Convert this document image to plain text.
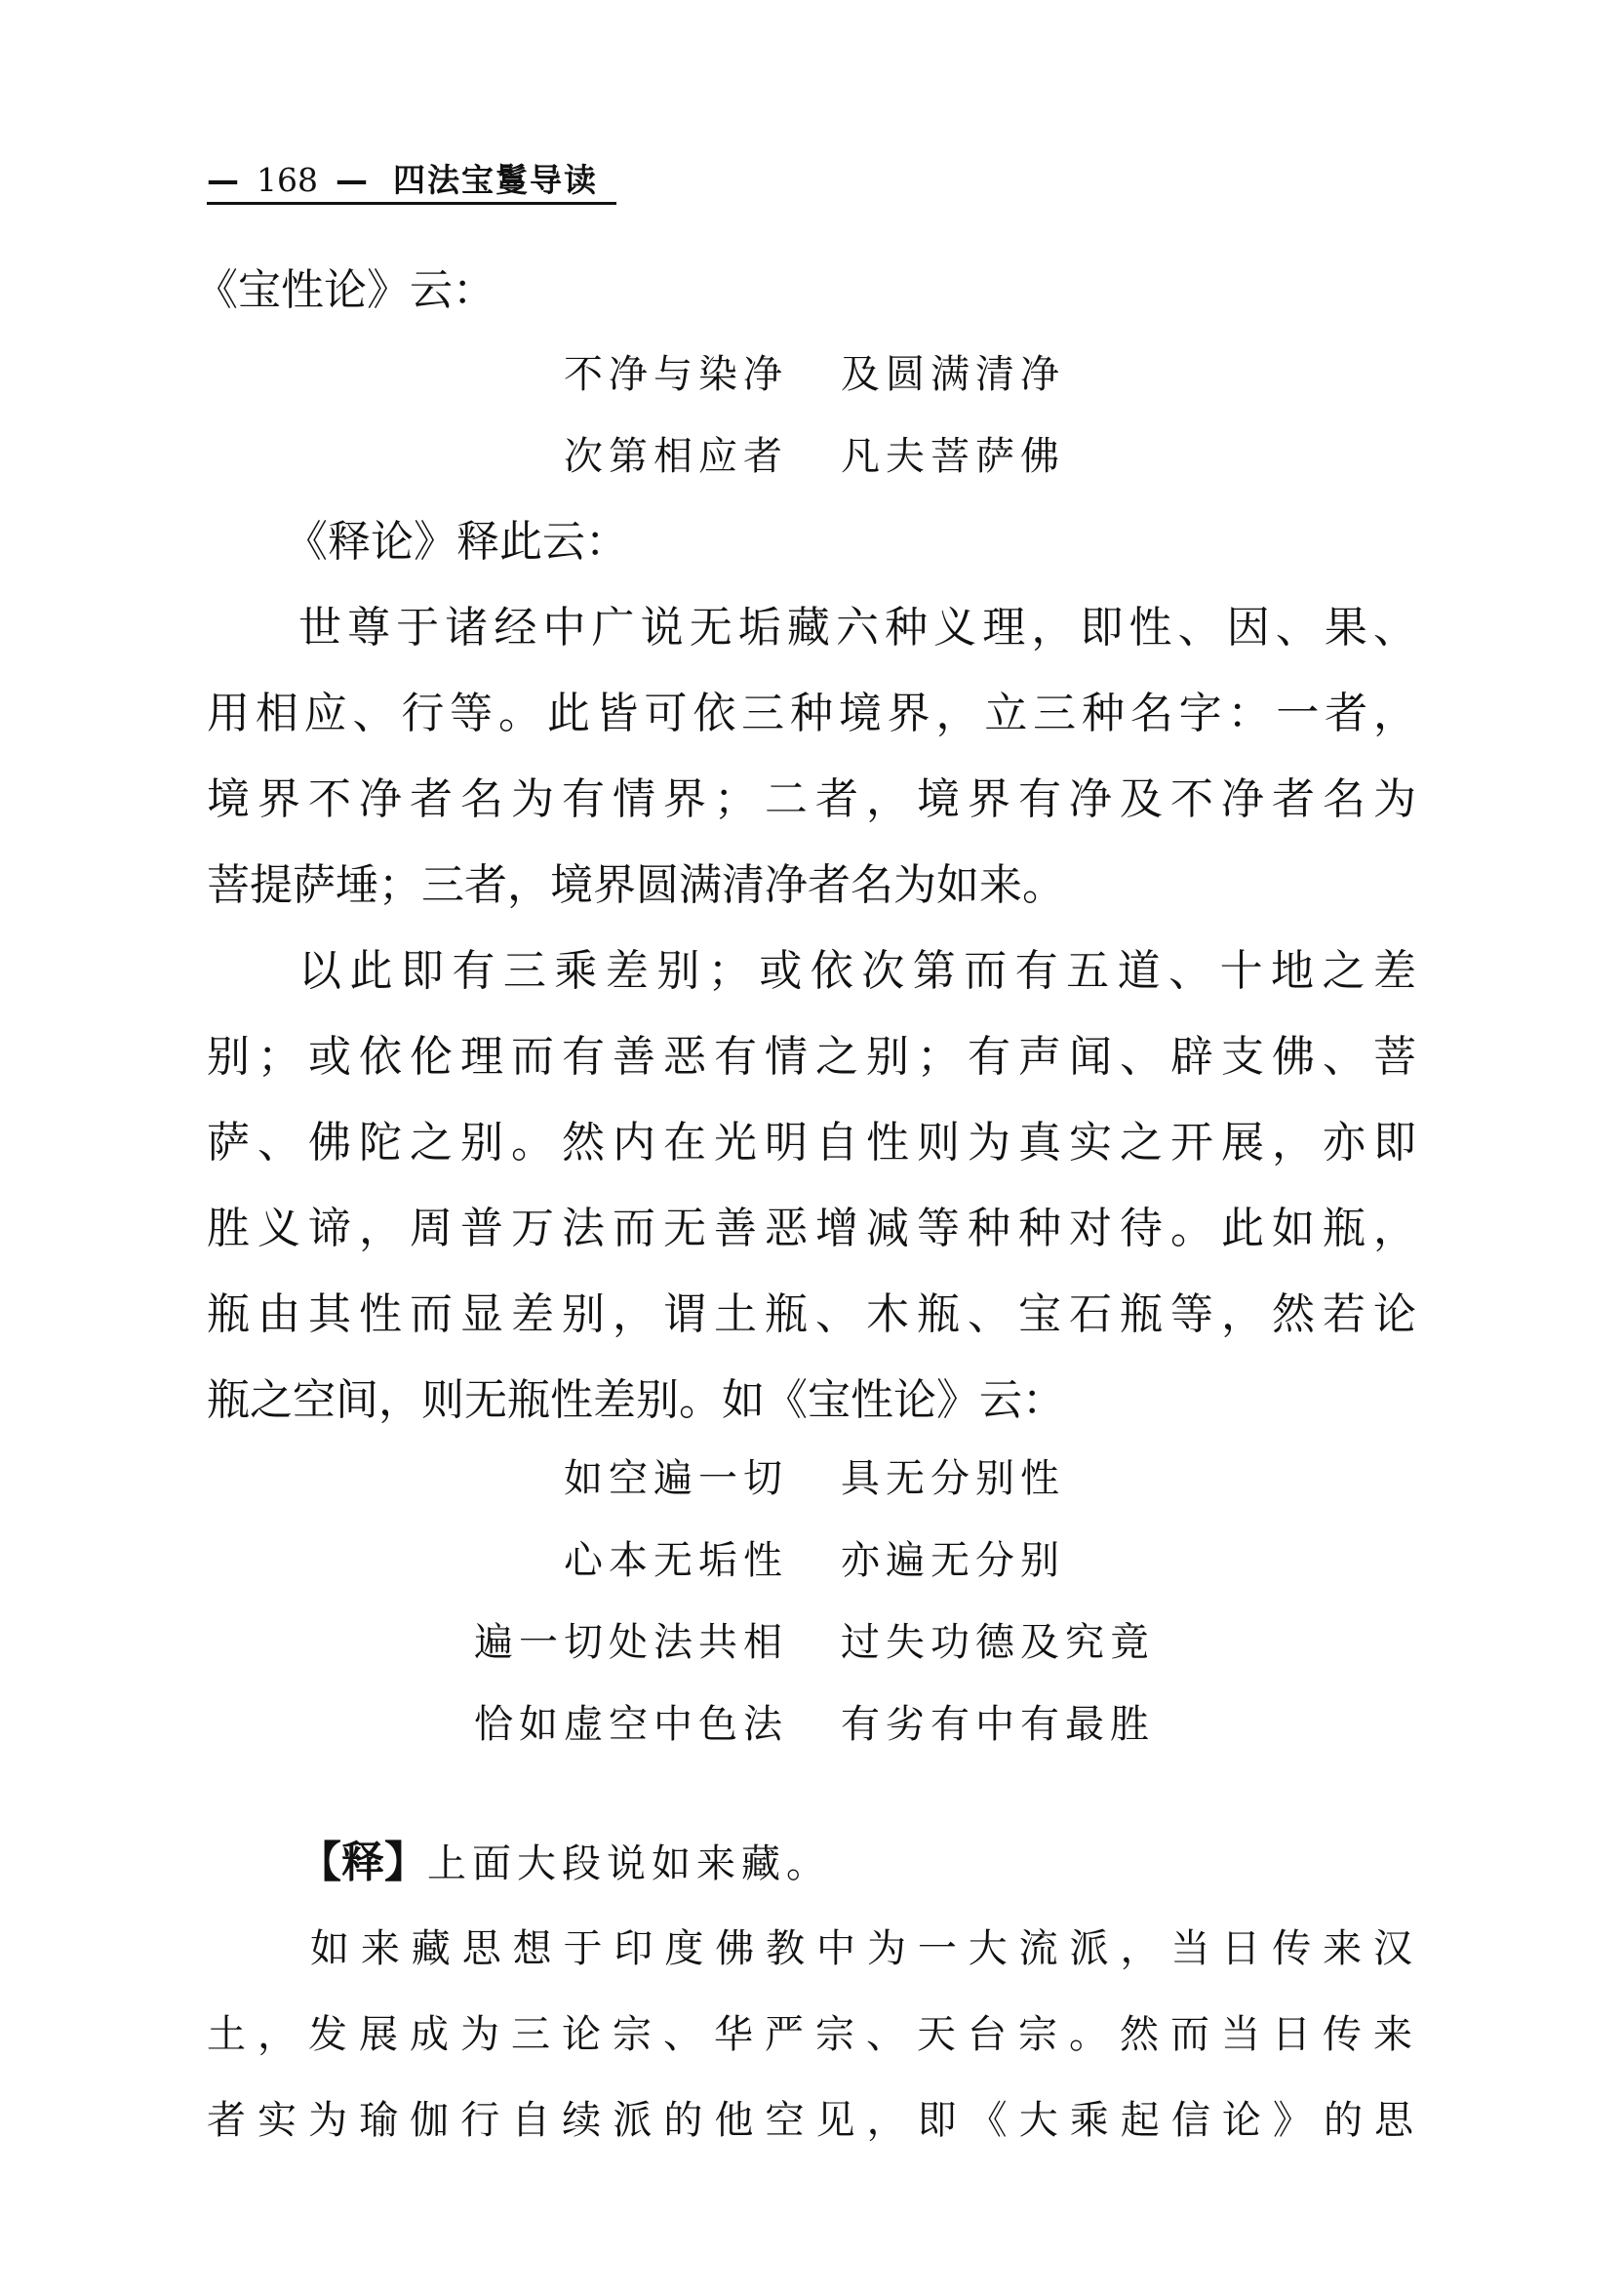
— 168 — 四法宝鬘导读
《宝性论》云：
不净与染净 及圆满清净
次第相应者 凡夫菩萨佛
《释论》释此云：
世尊于诸经中广说无垢藏六种义理，即性、因、果、
用相应、行等。此皆可依三种境界，立三种名字：一者，
境界不净者名为有情界；二者，境界有净及不净者名为
菩提萨埵；三者，境界圆满清净者名为如来。
以此即有三乘差别；或依次第而有五道、十地之差
别；或依伦理而有善恶有情之别；有声闻、辟支佛、菩
萨、佛陀之别。然内在光明自性则为真实之开展，亦即
胜义谛，周普万法而无善恶增减等种种对待。此如瓶，
瓶由其性而显差别，谓土瓶、木瓶、宝石瓶等，然若论
瓶之空间，则无瓶性差别。如《宝性论》云：
如空遍一切 具无分别性
心本无垢性 亦遍无分别
遍一切处法共相 过失功德及究竟
恰如虚空中色法 有劣有中有最胜
【释】上面大段说如来藏。
如来藏思想于印度佛教中为一大流派，当日传来汉
土，发展成为三论宗、华严宗、天台宗。然而当日传来
者实为瑜伽行自续派的他空见，即《大乘起信论》的思
